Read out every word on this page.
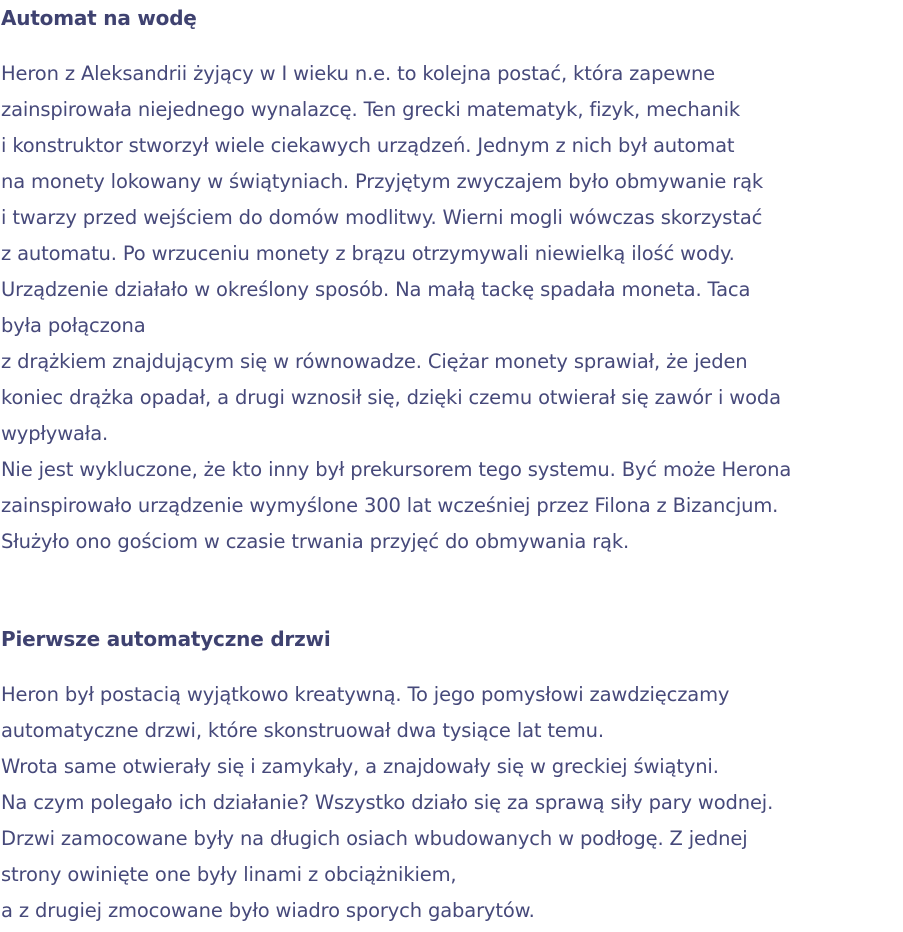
Automat na wodę

Heron z Aleksandrii żyjący w I wieku n.e. to kolejna postać, która zapewne
zainspirowała niejednego wynalazcę. Ten grecki matematyk, fizyk, mechanik
i konstruktor stworzył wiele ciekawych urządzeń. Jednym z nich był automat
na monety lokowany w świątyniach. Przyjętym zwyczajem było obmywanie rąk
i twarzy przed wejściem do domów modlitwy. Wierni mogli wówczas skorzystać
z automatu. Po wrzuceniu monety z brązu otrzymywali niewielką ilość wody.
Urządzenie działało w określony sposób. Na małą tackę spadała moneta. Taca
była połączona
z drążkiem znajdującym się w równowadze. Ciężar monety sprawiał, że jeden
koniec drążka opadał, a drugi wznosił się, dzięki czemu otwierał się zawór i woda
wypływała.
Nie jest wykluczone, że kto inny był prekursorem tego systemu. Być może Herona
zainspirowało urządzenie wymyślone 300 lat wcześniej przez Filona z Bizancjum.
Służyło ono gościom w czasie trwania przyjęć do obmywania rąk.

Pierwsze automatyczne drzwi

Heron był postacią wyjątkowo kreatywną. To jego pomysłowi zawdzięczamy
automatyczne drzwi, które skonstruował dwa tysiące lat temu.
Wrota same otwierały się i zamykały, a znajdowały się w greckiej świątyni.
Na czym polegało ich działanie? Wszystko działo się za sprawą siły pary wodnej.
Drzwi zamocowane były na długich osiach wbudowanych w podłogę. Z jednej
strony owinięte one były linami z obciążnikiem,
a z drugiej zmocowane było wiadro sporych gabarytów.
